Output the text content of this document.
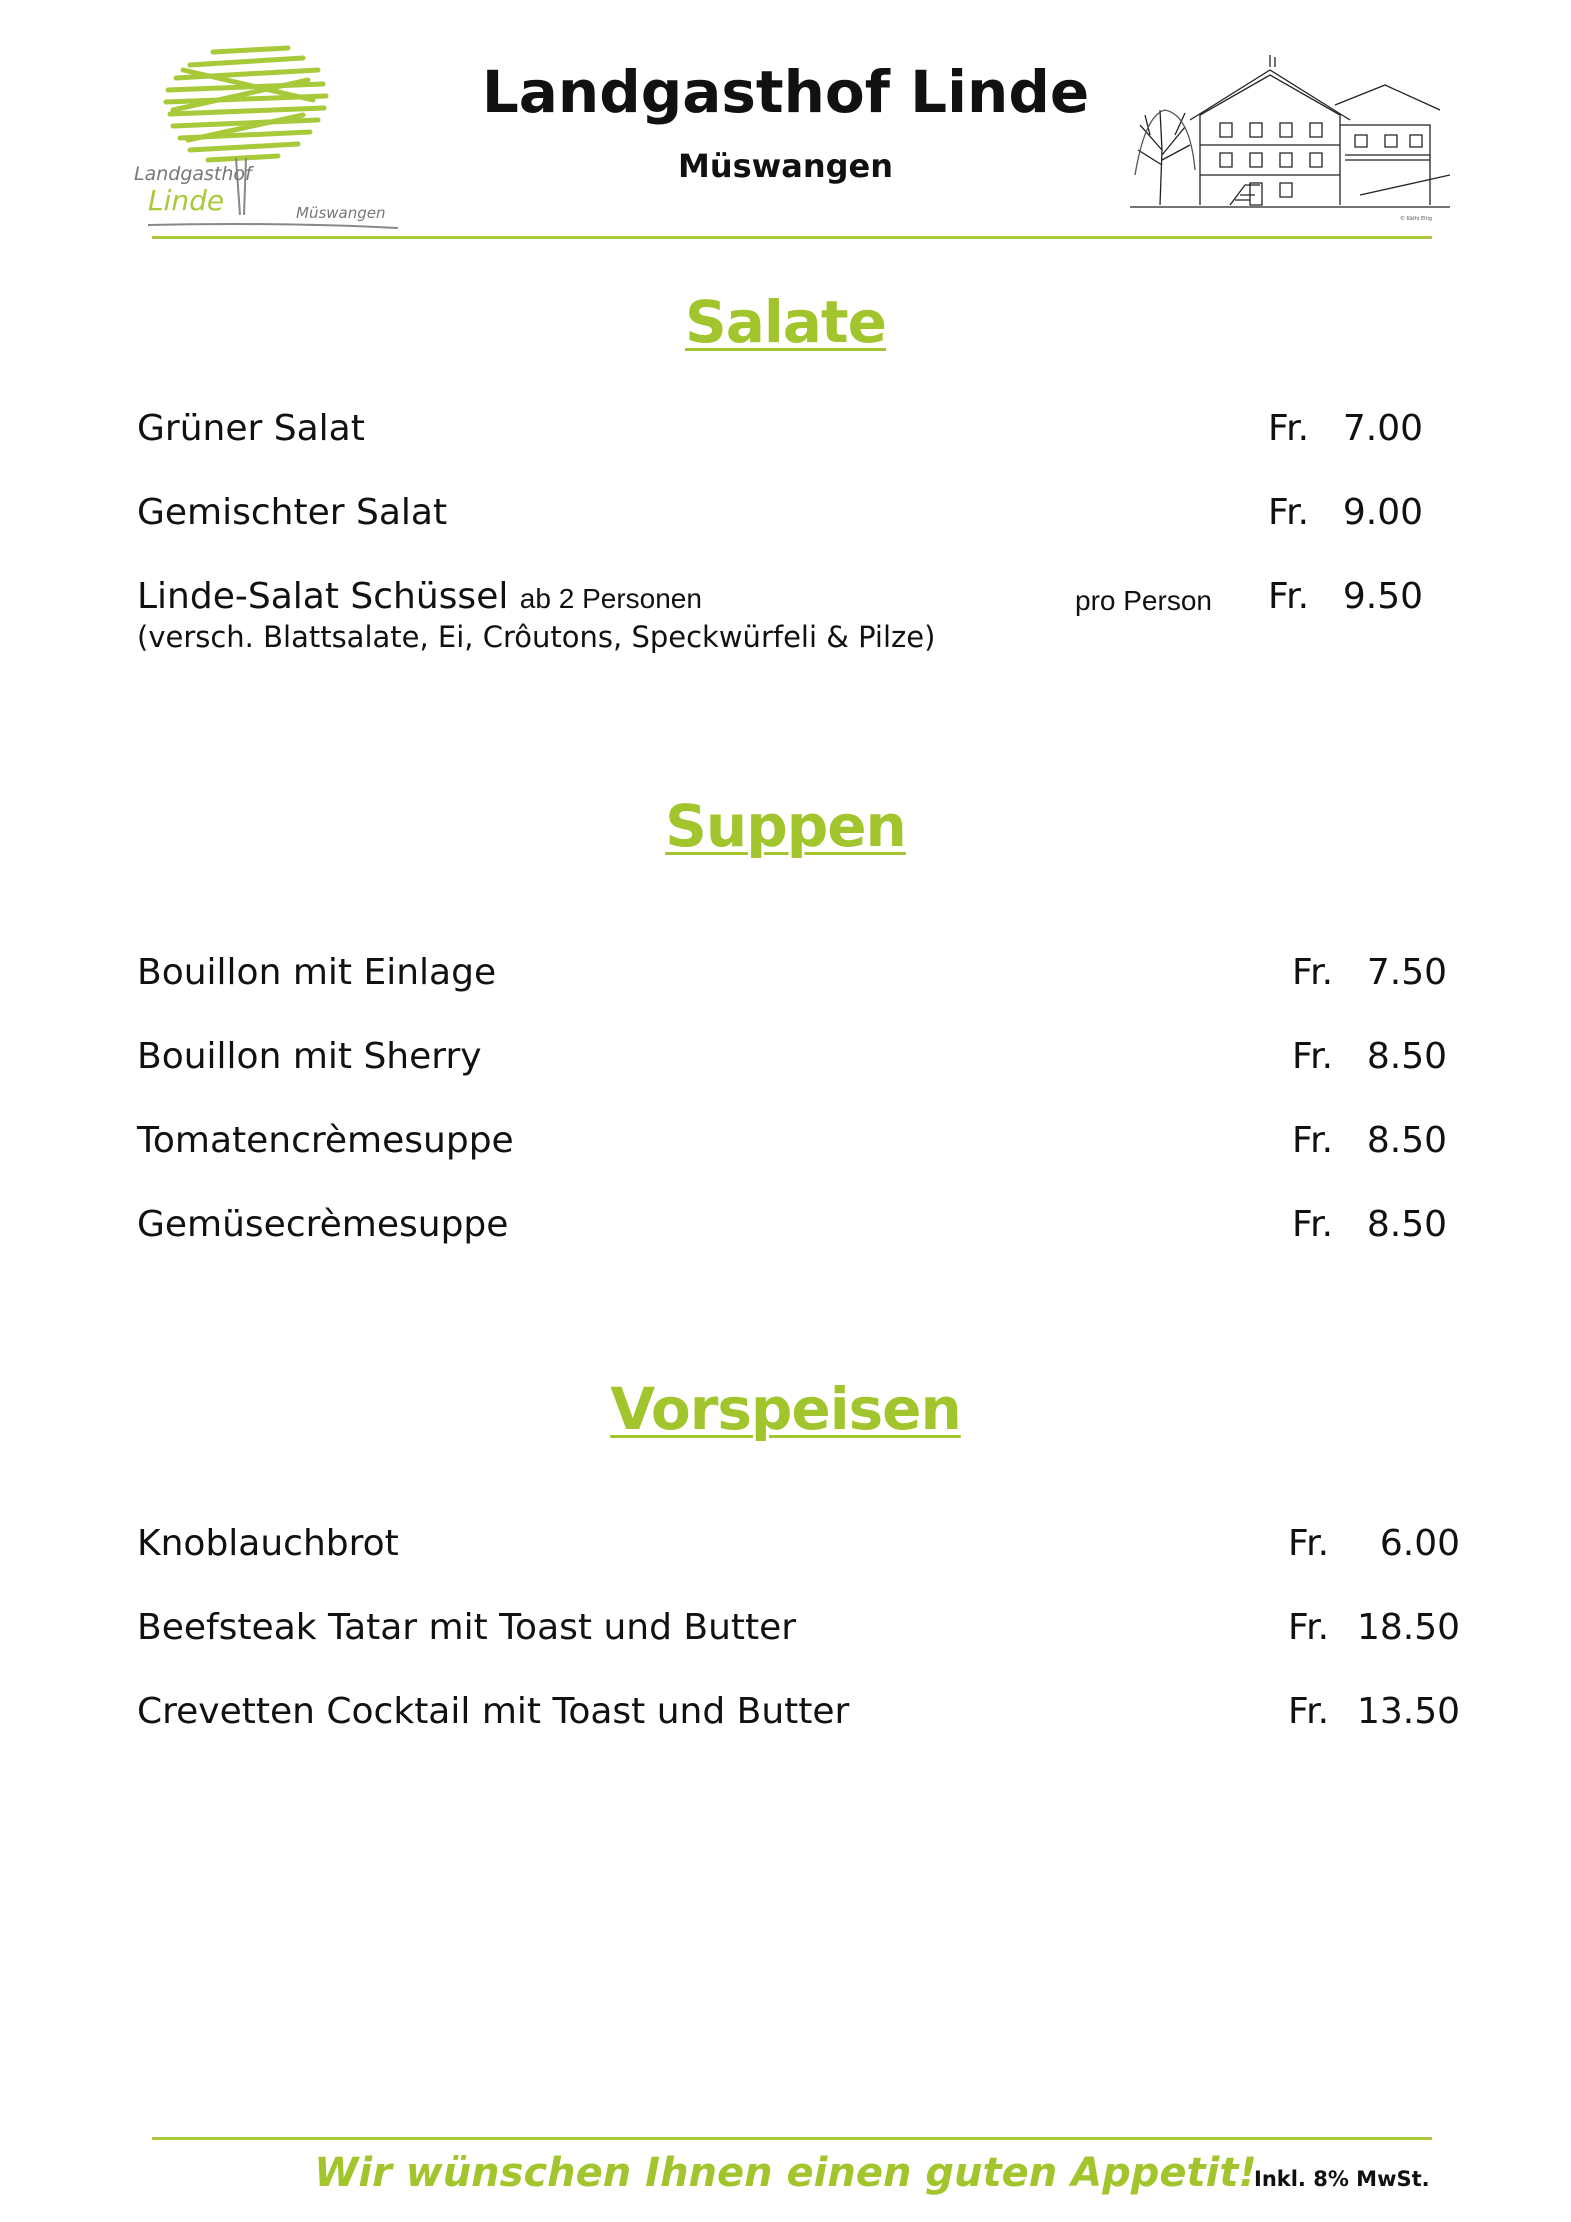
Landgasthof
Linde	Müswangen
Landgasthof Linde
Müswangen
© Käthi Eltig
Salate
Grüner Salat	Fr. 7.00
Gemischter Salat	Fr. 9.00
Linde-Salat Schüssel ab 2 Personen	pro Person Fr. 9.50
(versch. Blattsalate, Ei, Crôutons, Speckwürfeli & Pilze)
Suppen
Bouillon mit Einlage	Fr. 7.50
Bouillon mit Sherry	Fr. 8.50
Tomatencrèmesuppe	Fr. 8.50
Gemüsecrèmesuppe	Fr. 8.50
Vorspeisen
Knoblauchbrot	Fr. 6.00
Beefsteak Tatar mit Toast und Butter	Fr. 18.50
Crevetten Cocktail mit Toast und Butter	Fr. 13.50
Wir wünschen Ihnen einen guten Appetit!
Inkl. 8% MwSt.
